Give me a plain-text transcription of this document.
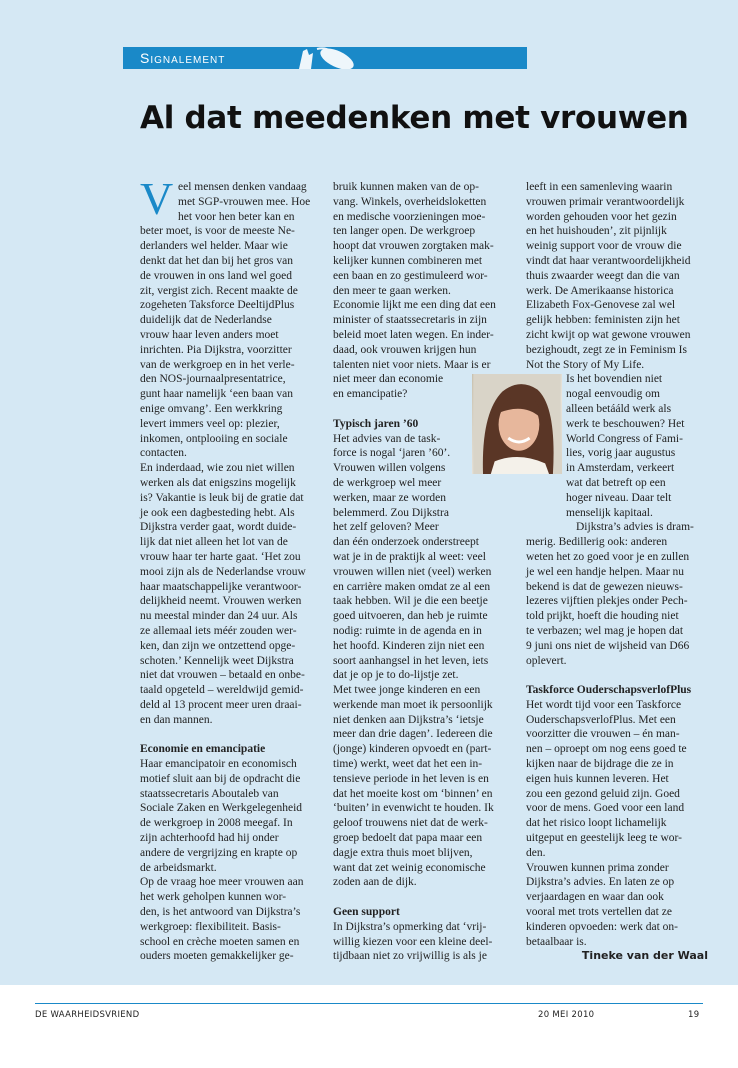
Signalement
Al dat meedenken met vrouwen
V eel mensen denken vandaag
met SGP-vrouwen mee. Hoe
het voor hen beter kan en
beter moet, is voor de meeste Ne-
derlanders wel helder. Maar wie
denkt dat het dan bij het gros van
de vrouwen in ons land wel goed
zit, vergist zich. Recent maakte de
zogeheten Taksforce DeeltijdPlus
duidelijk dat de Nederlandse
vrouw haar leven anders moet
inrichten. Pia Dijkstra, voorzitter
van de werkgroep en in het verle-
den NOS-journaalpresentatrice,
gunt haar namelijk ‘een baan van
enige omvang’. Een werkkring
levert immers veel op: plezier,
inkomen, ontplooiing en sociale
contacten.
En inderdaad, wie zou niet willen
werken als dat enigszins mogelijk
is? Vakantie is leuk bij de gratie dat
je ook een dagbesteding hebt. Als
Dijkstra verder gaat, wordt duide-
lijk dat niet alleen het lot van de
vrouw haar ter harte gaat. ‘Het zou
mooi zijn als de Nederlandse vrouw
haar maatschappelijke verantwoor-
delijkheid neemt. Vrouwen werken
nu meestal minder dan 24 uur. Als
ze allemaal iets méér zouden wer-
ken, dan zijn we ontzettend opge-
schoten.’ Kennelijk weet Dijkstra
niet dat vrouwen – betaald en onbe-
taald opgeteld – wereldwijd gemid-
deld al 13 procent meer uren draai-
en dan mannen.
Economie en emancipatie
Haar emancipatoir en economisch
motief sluit aan bij de opdracht die
staatssecretaris Aboutaleb van
Sociale Zaken en Werkgelegenheid
de werkgroep in 2008 meegaf. In
zijn achterhoofd had hij onder
andere de vergrijzing en krapte op
de arbeidsmarkt.
Op de vraag hoe meer vrouwen aan
het werk geholpen kunnen wor-
den, is het antwoord van Dijkstra’s
werkgroep: flexibiliteit. Basis-
school en crèche moeten samen en
ouders moeten gemakkelijker ge-
bruik kunnen maken van de op-
vang. Winkels, overheidsloketten
en medische voorzieningen moe-
ten langer open. De werkgroep
hoopt dat vrouwen zorgtaken mak-
kelijker kunnen combineren met
een baan en zo gestimuleerd wor-
den meer te gaan werken.
Economie lijkt me een ding dat een
minister of staatssecretaris in zijn
beleid moet laten wegen. En inder-
daad, ook vrouwen krijgen hun
talenten niet voor niets. Maar is er
niet meer dan economie
en emancipatie?
Typisch jaren ’60
Het advies van de task-
force is nogal ‘jaren ’60’.
Vrouwen willen volgens
de werkgroep wel meer
werken, maar ze worden
belemmerd. Zou Dijkstra
het zelf geloven? Meer
dan één onderzoek onderstreept
wat je in de praktijk al weet: veel
vrouwen willen niet (veel) werken
en carrière maken omdat ze al een
taak hebben. Wil je die een beetje
goed uitvoeren, dan heb je ruimte
nodig: ruimte in de agenda en in
het hoofd. Kinderen zijn niet een
soort aanhangsel in het leven, iets
dat je op je to do-lijstje zet.
Met twee jonge kinderen en een
werkende man moet ik persoonlijk
niet denken aan Dijkstra’s ‘ietsje
meer dan drie dagen’. Iedereen die
(jonge) kinderen opvoedt en (part-
time) werkt, weet dat het een in-
tensieve periode in het leven is en
dat het moeite kost om ‘binnen’ en
‘buiten’ in evenwicht te houden. Ik
geloof trouwens niet dat de werk-
groep bedoelt dat papa maar een
dagje extra thuis moet blijven,
want dat zet weinig economische
zoden aan de dijk.
Geen support
In Dijkstra’s opmerking dat ‘vrij-
willig kiezen voor een kleine deel-
tijdbaan niet zo vrijwillig is als je
leeft in een samenleving waarin
vrouwen primair verantwoordelijk
worden gehouden voor het gezin
en het huishouden’, zit pijnlijk
weinig support voor de vrouw die
vindt dat haar verantwoordelijkheid
thuis zwaarder weegt dan die van
werk. De Amerikaanse historica
Elizabeth Fox-Genovese zal wel
gelijk hebben: feministen zijn het
zicht kwijt op wat gewone vrouwen
bezighoudt, zegt ze in Feminism Is
Not the Story of My Life.
Is het bovendien niet
nogal eenvoudig om
alleen betááld werk als
werk te beschouwen? Het
World Congress of Fami-
lies, vorig jaar augustus
in Amsterdam, verkeert
wat dat betreft op een
hoger niveau. Daar telt
menselijk kapitaal.
Dijkstra’s advies is dram-
merig. Bedillerig ook: anderen
weten het zo goed voor je en zullen
je wel een handje helpen. Maar nu
bekend is dat de gewezen nieuws-
lezeres vijftien plekjes onder Pech-
told prijkt, hoeft die houding niet
te verbazen; wel mag je hopen dat
9 juni ons niet de wijsheid van D66
oplevert.
Taskforce OuderschapsverlofPlus
Het wordt tijd voor een Taskforce
OuderschapsverlofPlus. Met een
voorzitter die vrouwen – én man-
nen – oproept om nog eens goed te
kijken naar de bijdrage die ze in
eigen huis kunnen leveren. Het
zou een gezond geluid zijn. Goed
voor de mens. Goed voor een land
dat het risico loopt lichamelijk
uitgeput en geestelijk leeg te wor-
den.
Vrouwen kunnen prima zonder
Dijkstra’s advies. En laten ze op
verjaardagen en waar dan ook
vooral met trots vertellen dat ze
kinderen opvoeden: werk dat on-
betaalbaar is.
Tineke van der Waal
DE WAARHEIDSVRIEND	20 MEI 2010	19
